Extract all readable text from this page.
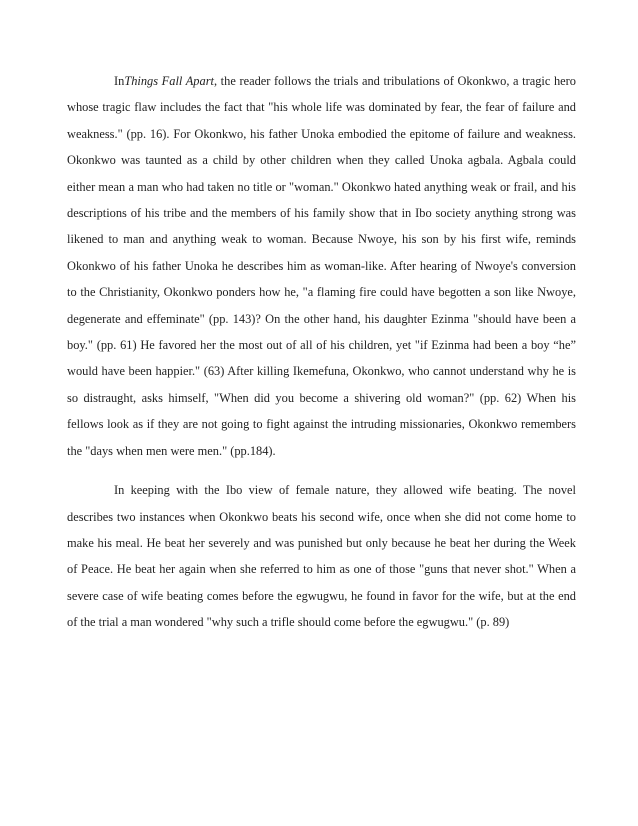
InThings Fall Apart, the reader follows the trials and tribulations of Okonkwo, a tragic hero whose tragic flaw includes the fact that "his whole life was dominated by fear, the fear of failure and weakness." (pp. 16). For Okonkwo, his father Unoka embodied the epitome of failure and weakness. Okonkwo was taunted as a child by other children when they called Unoka agbala. Agbala could either mean a man who had taken no title or "woman." Okonkwo hated anything weak or frail, and his descriptions of his tribe and the members of his family show that in Ibo society anything strong was likened to man and anything weak to woman. Because Nwoye, his son by his first wife, reminds Okonkwo of his father Unoka he describes him as woman-like. After hearing of Nwoye's conversion to the Christianity, Okonkwo ponders how he, "a flaming fire could have begotten a son like Nwoye, degenerate and effeminate" (pp. 143)? On the other hand, his daughter Ezinma "should have been a boy." (pp. 61) He favored her the most out of all of his children, yet "if Ezinma had been a boy “he” would have been happier." (63) After killing Ikemefuna, Okonkwo, who cannot understand why he is so distraught, asks himself, "When did you become a shivering old woman?" (pp. 62) When his fellows look as if they are not going to fight against the intruding missionaries, Okonkwo remembers the "days when men were men." (pp.184).

In keeping with the Ibo view of female nature, they allowed wife beating. The novel describes two instances when Okonkwo beats his second wife, once when she did not come home to make his meal. He beat her severely and was punished but only because he beat her during the Week of Peace. He beat her again when she referred to him as one of those "guns that never shot." When a severe case of wife beating comes before the egwugwu, he found in favor for the wife, but at the end of the trial a man wondered "why such a trifle should come before the egwugwu." (p. 89)
